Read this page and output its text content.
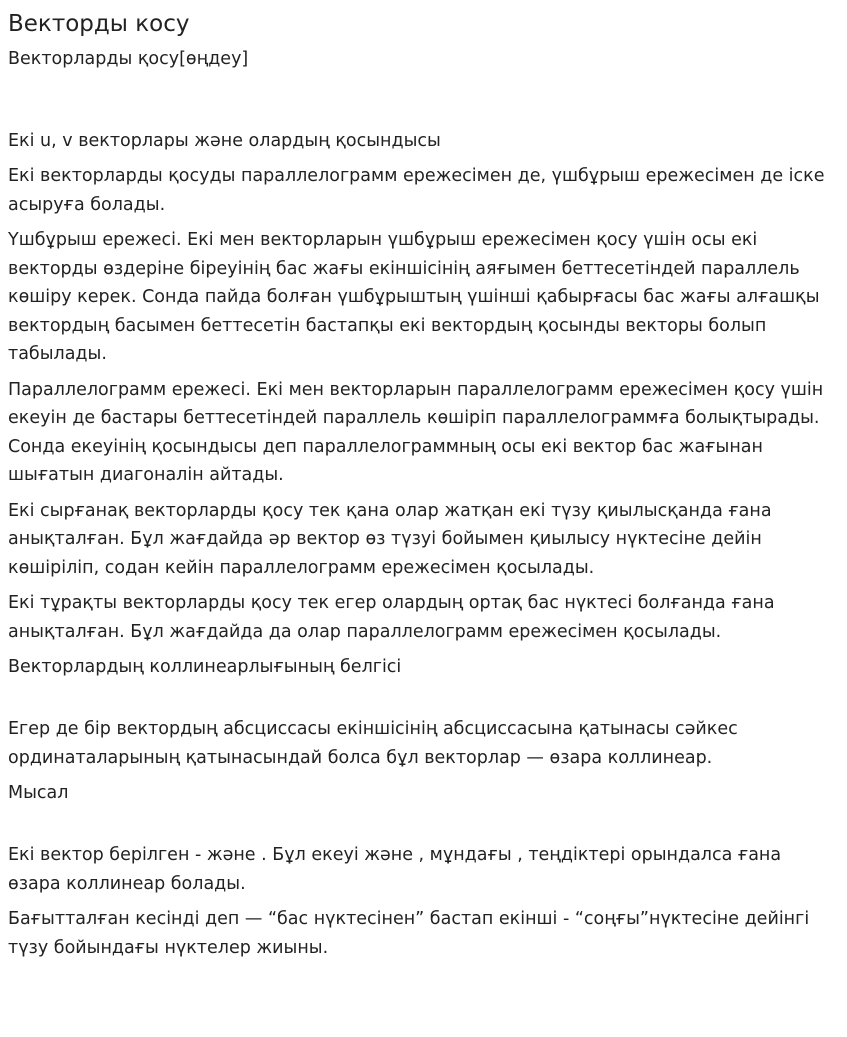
Векторды косу
Векторларды қосу[өңдеу]
Екі u, v векторлары және олардың қосындысы

Екі векторларды қосуды параллелограмм ережесімен де, үшбұрыш ережесімен де іске асыруға болады.

Үшбұрыш ережесі. Екі мен векторларын үшбұрыш ережесімен қосу үшін осы екі векторды өздеріне біреуінің бас жағы екіншісінің аяғымен беттесетіндей параллель көшіру керек. Сонда пайда болған үшбұрыштың үшінші қабырғасы бас жағы алғашқы вектордың басымен беттесетін бастапқы екі вектордың қосынды векторы болып табылады.

Параллелограмм ережесі. Екі мен векторларын параллелограмм ережесімен қосу үшін екеуін де бастары беттесетіндей параллель көшіріп параллелограммға болықтырады. Сонда екеуінің қосындысы деп параллелограммның осы екі вектор бас жағынан шығатын диагоналін айтады.

Екі сырғанақ векторларды қосу тек қана олар жатқан екі түзу қиылысқанда ғана анықталған. Бұл жағдайда әр вектор өз түзуі бойымен қиылысу нүктесіне дейін көшіріліп, содан кейін параллелограмм ережесімен қосылады.

Екі тұрақты векторларды қосу тек егер олардың ортақ бас нүктесі болғанда ғана анықталған. Бұл жағдайда да олар параллелограмм ережесімен қосылады.

Векторлардың коллинеарлығының белгісі

Егер де бір вектордың абсциссасы екіншісінің абсциссасына қатынасы сәйкес ординаталарының қатынасындай болса бұл векторлар — өзара коллинеар.

Мысал

Екі вектор берілген - және . Бұл екеуі және , мұндағы , теңдіктері орындалса ғана өзара коллинеар болады.

Бағытталған кесінді деп — “бас нүктесінен” бастап екінші - “соңғы”нүктесіне дейінгі түзу бойындағы нүктелер жиыны.
